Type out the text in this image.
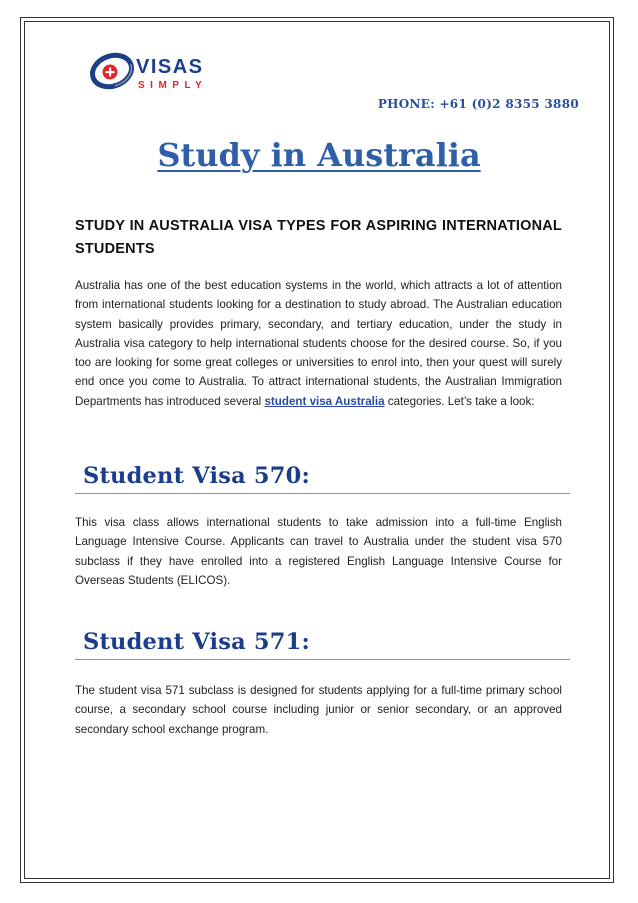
VISAS
SIMPLY

PHONE: +61 (0)2 8355 3880

Study in Australia
STUDY IN AUSTRALIA VISA TYPES FOR ASPIRING INTERNATIONAL STUDENTS

Australia has one of the best education systems in the world, which attracts a lot of attention from international students looking for a destination to study abroad. The Australian education system basically provides primary, secondary, and tertiary education, under the study in Australia visa category to help international students choose for the desired course. So, if you too are looking for some great colleges or universities to enrol into, then your quest will surely end once you come to Australia. To attract international students, the Australian Immigration Departments has introduced several student visa Australia categories. Let’s take a look:

Student Visa 570:

This visa class allows international students to take admission into a full-time English Language Intensive Course. Applicants can travel to Australia under the student visa 570 subclass if they have enrolled into a registered English Language Intensive Course for Overseas Students (ELICOS).

Student Visa 571:

The student visa 571 subclass is designed for students applying for a full-time primary school course, a secondary school course including junior or senior secondary, or an approved secondary school exchange program.
